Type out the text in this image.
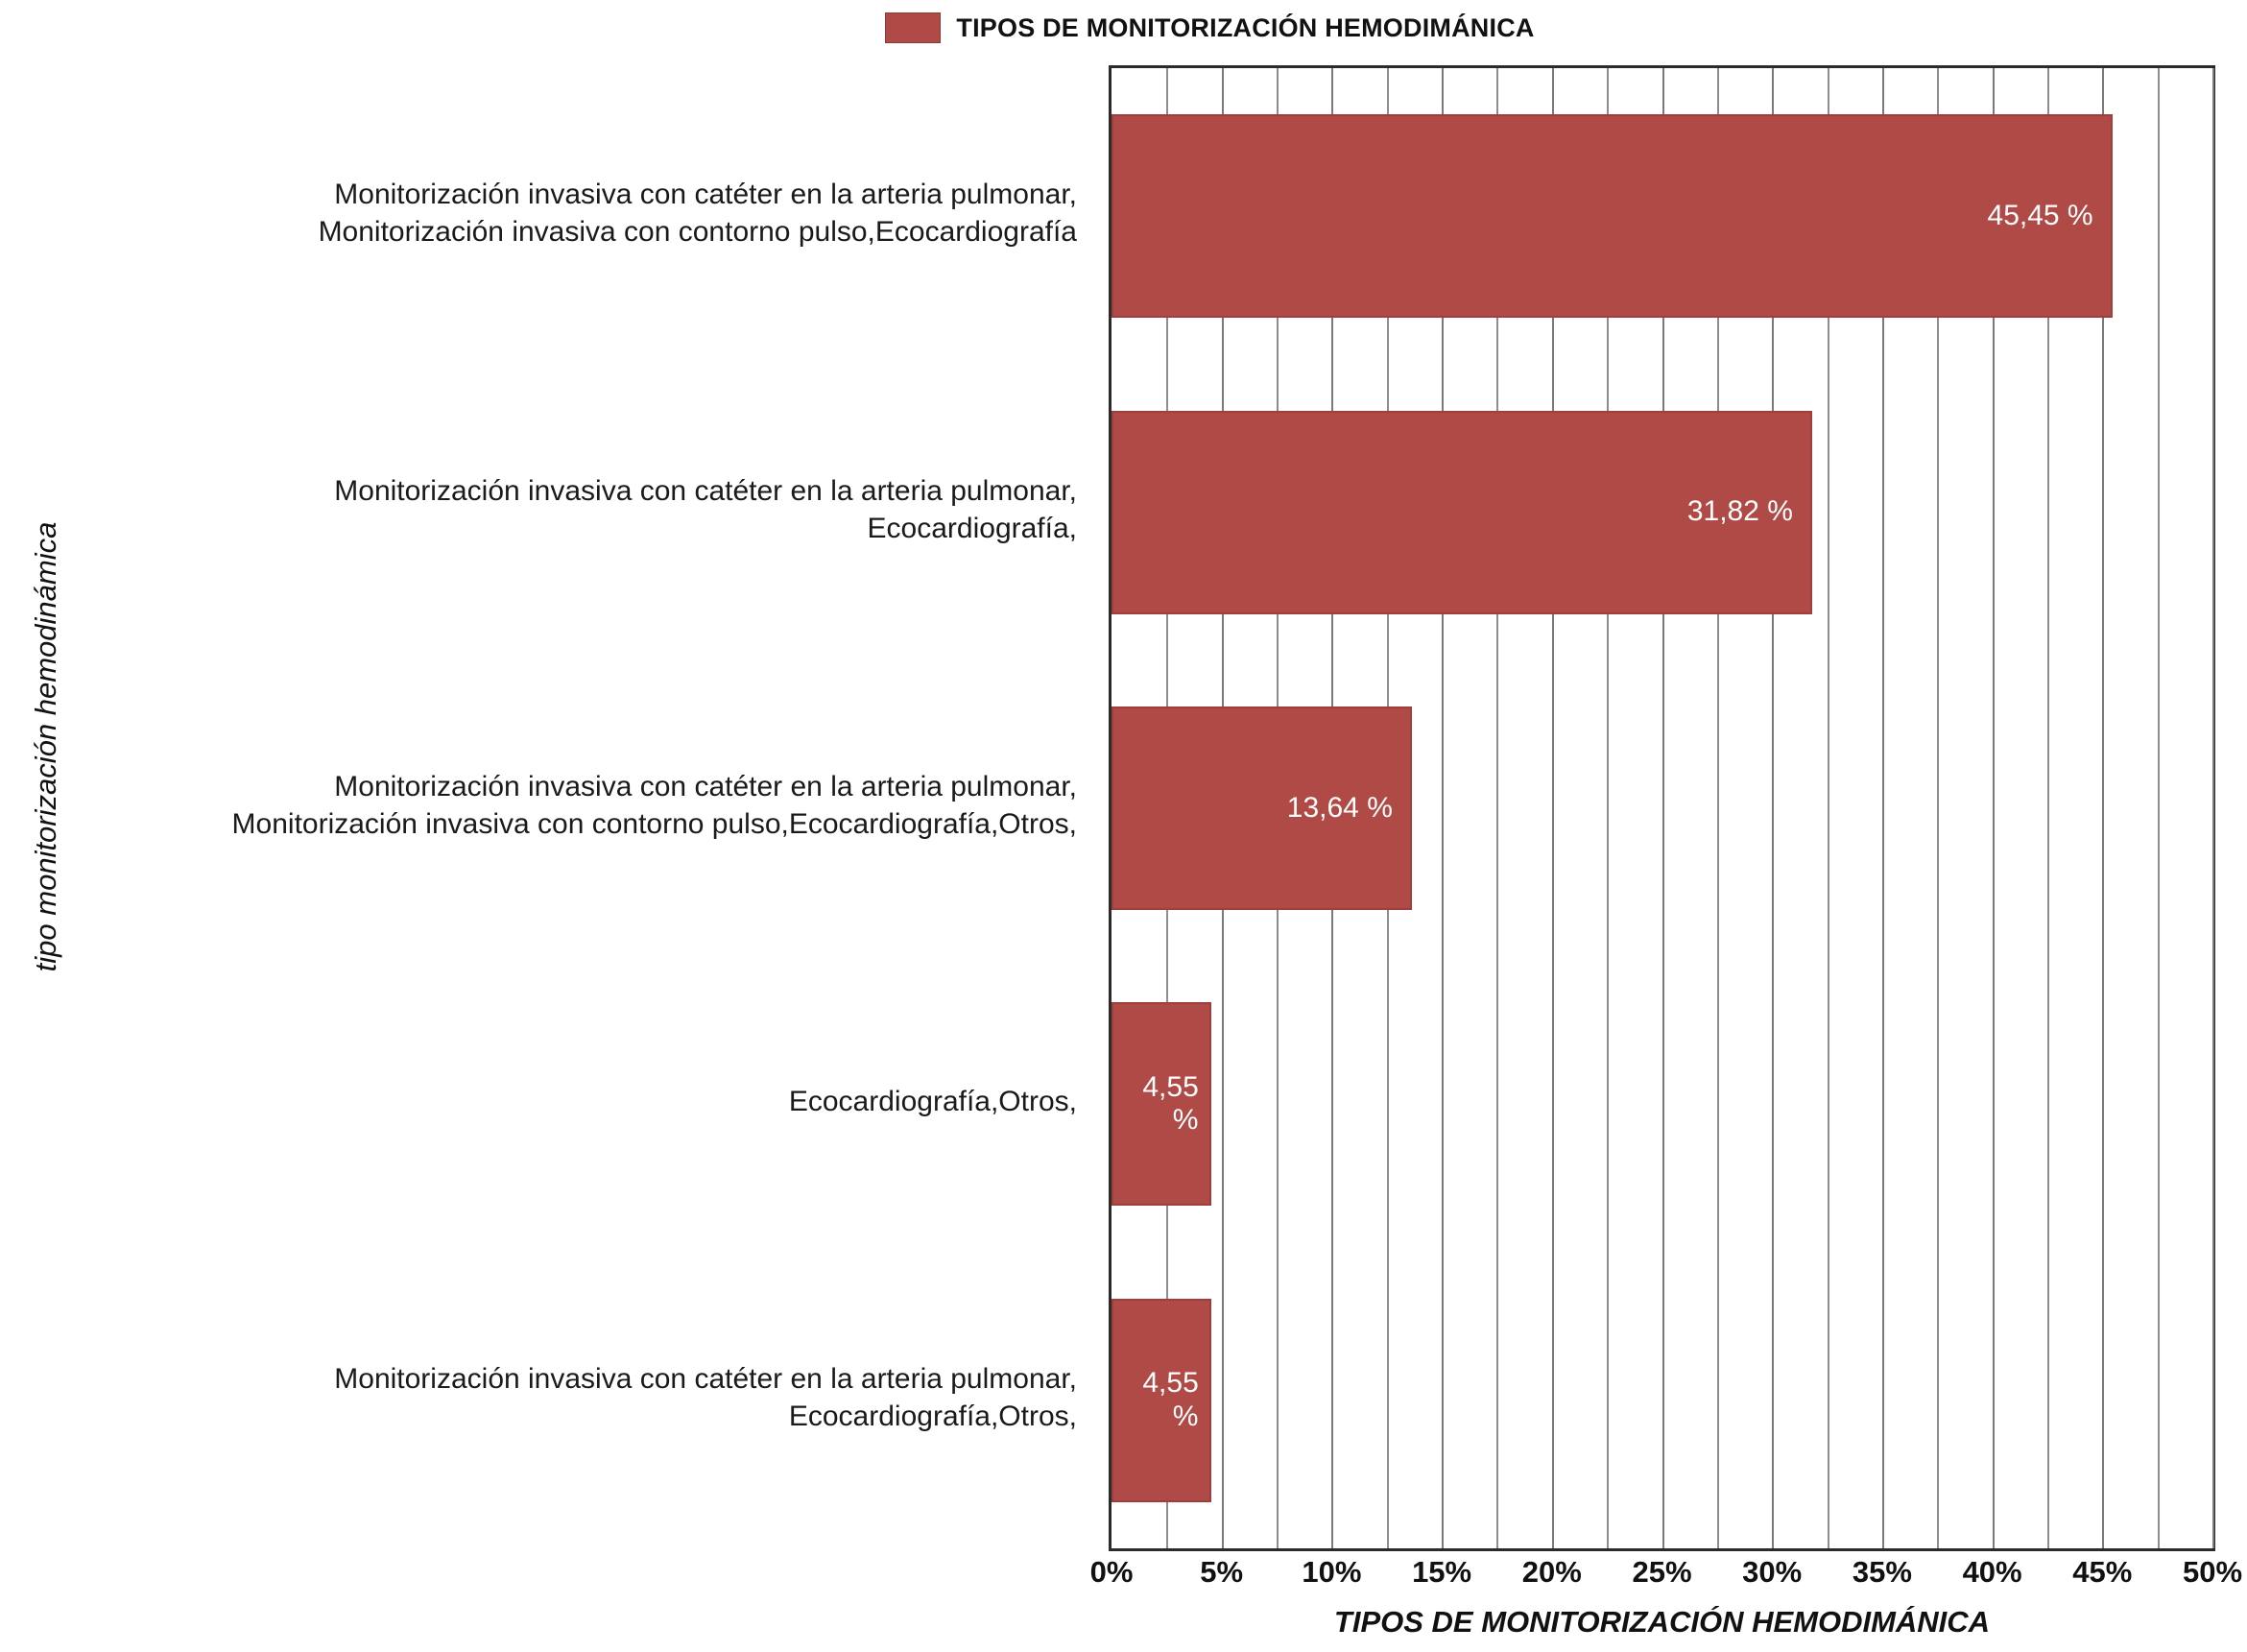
TIPOS DE MONITORIZACIÓN HEMODIMÁNICA
45,45 %
31,82 %
13,64 %
4,55 %
4,55 %
Monitorización invasiva con catéter en la arteria pulmonar,
Monitorización invasiva con contorno pulso,Ecocardiografía
Monitorización invasiva con catéter en la arteria pulmonar,
Ecocardiografía,
Monitorización invasiva con catéter en la arteria pulmonar,
Monitorización invasiva con contorno pulso,Ecocardiografía,Otros,
Ecocardiografía,Otros,
Monitorización invasiva con catéter en la arteria pulmonar,
Ecocardiografía,Otros,
0% 5% 10% 15% 20% 25% 30% 35% 40% 45% 50%
TIPOS DE MONITORIZACIÓN HEMODIMÁNICA
tipo monitorización hemodinámica
